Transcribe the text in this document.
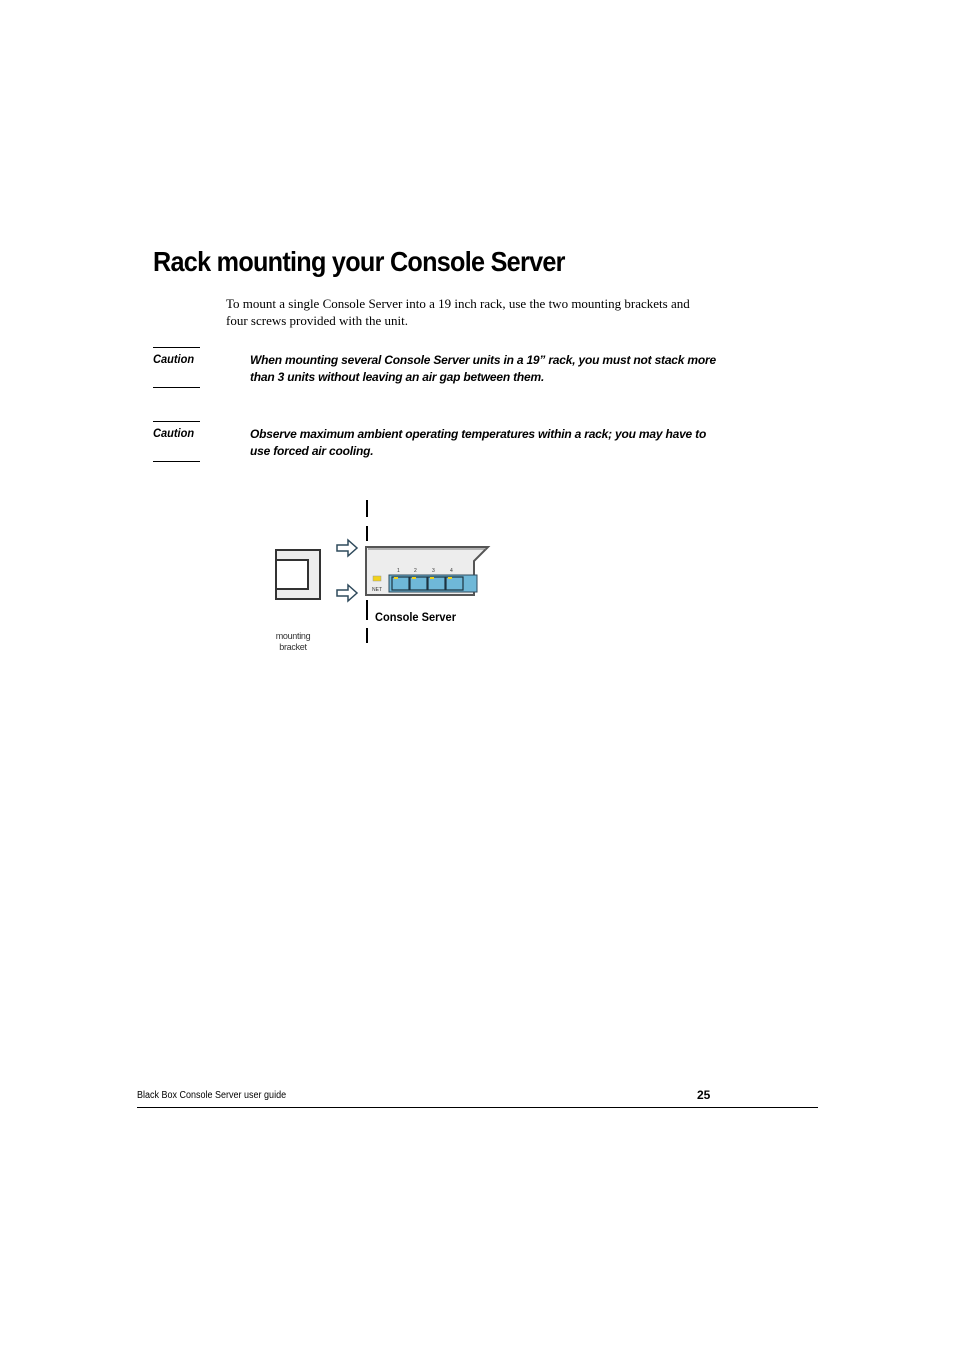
Rack mounting your Console Server

To mount a single Console Server into a 19 inch rack, use the two mounting brackets and four screws provided with the unit.

Caution	When mounting several Console Server units in a 19” rack, you must not stack more than 3 units without leaving an air gap between them.

Caution	Observe maximum ambient operating temperatures within a rack; you may have to use forced air cooling.

NET
1	2	3	4

Console Server

mounting bracket

Black Box Console Server user guide	25
